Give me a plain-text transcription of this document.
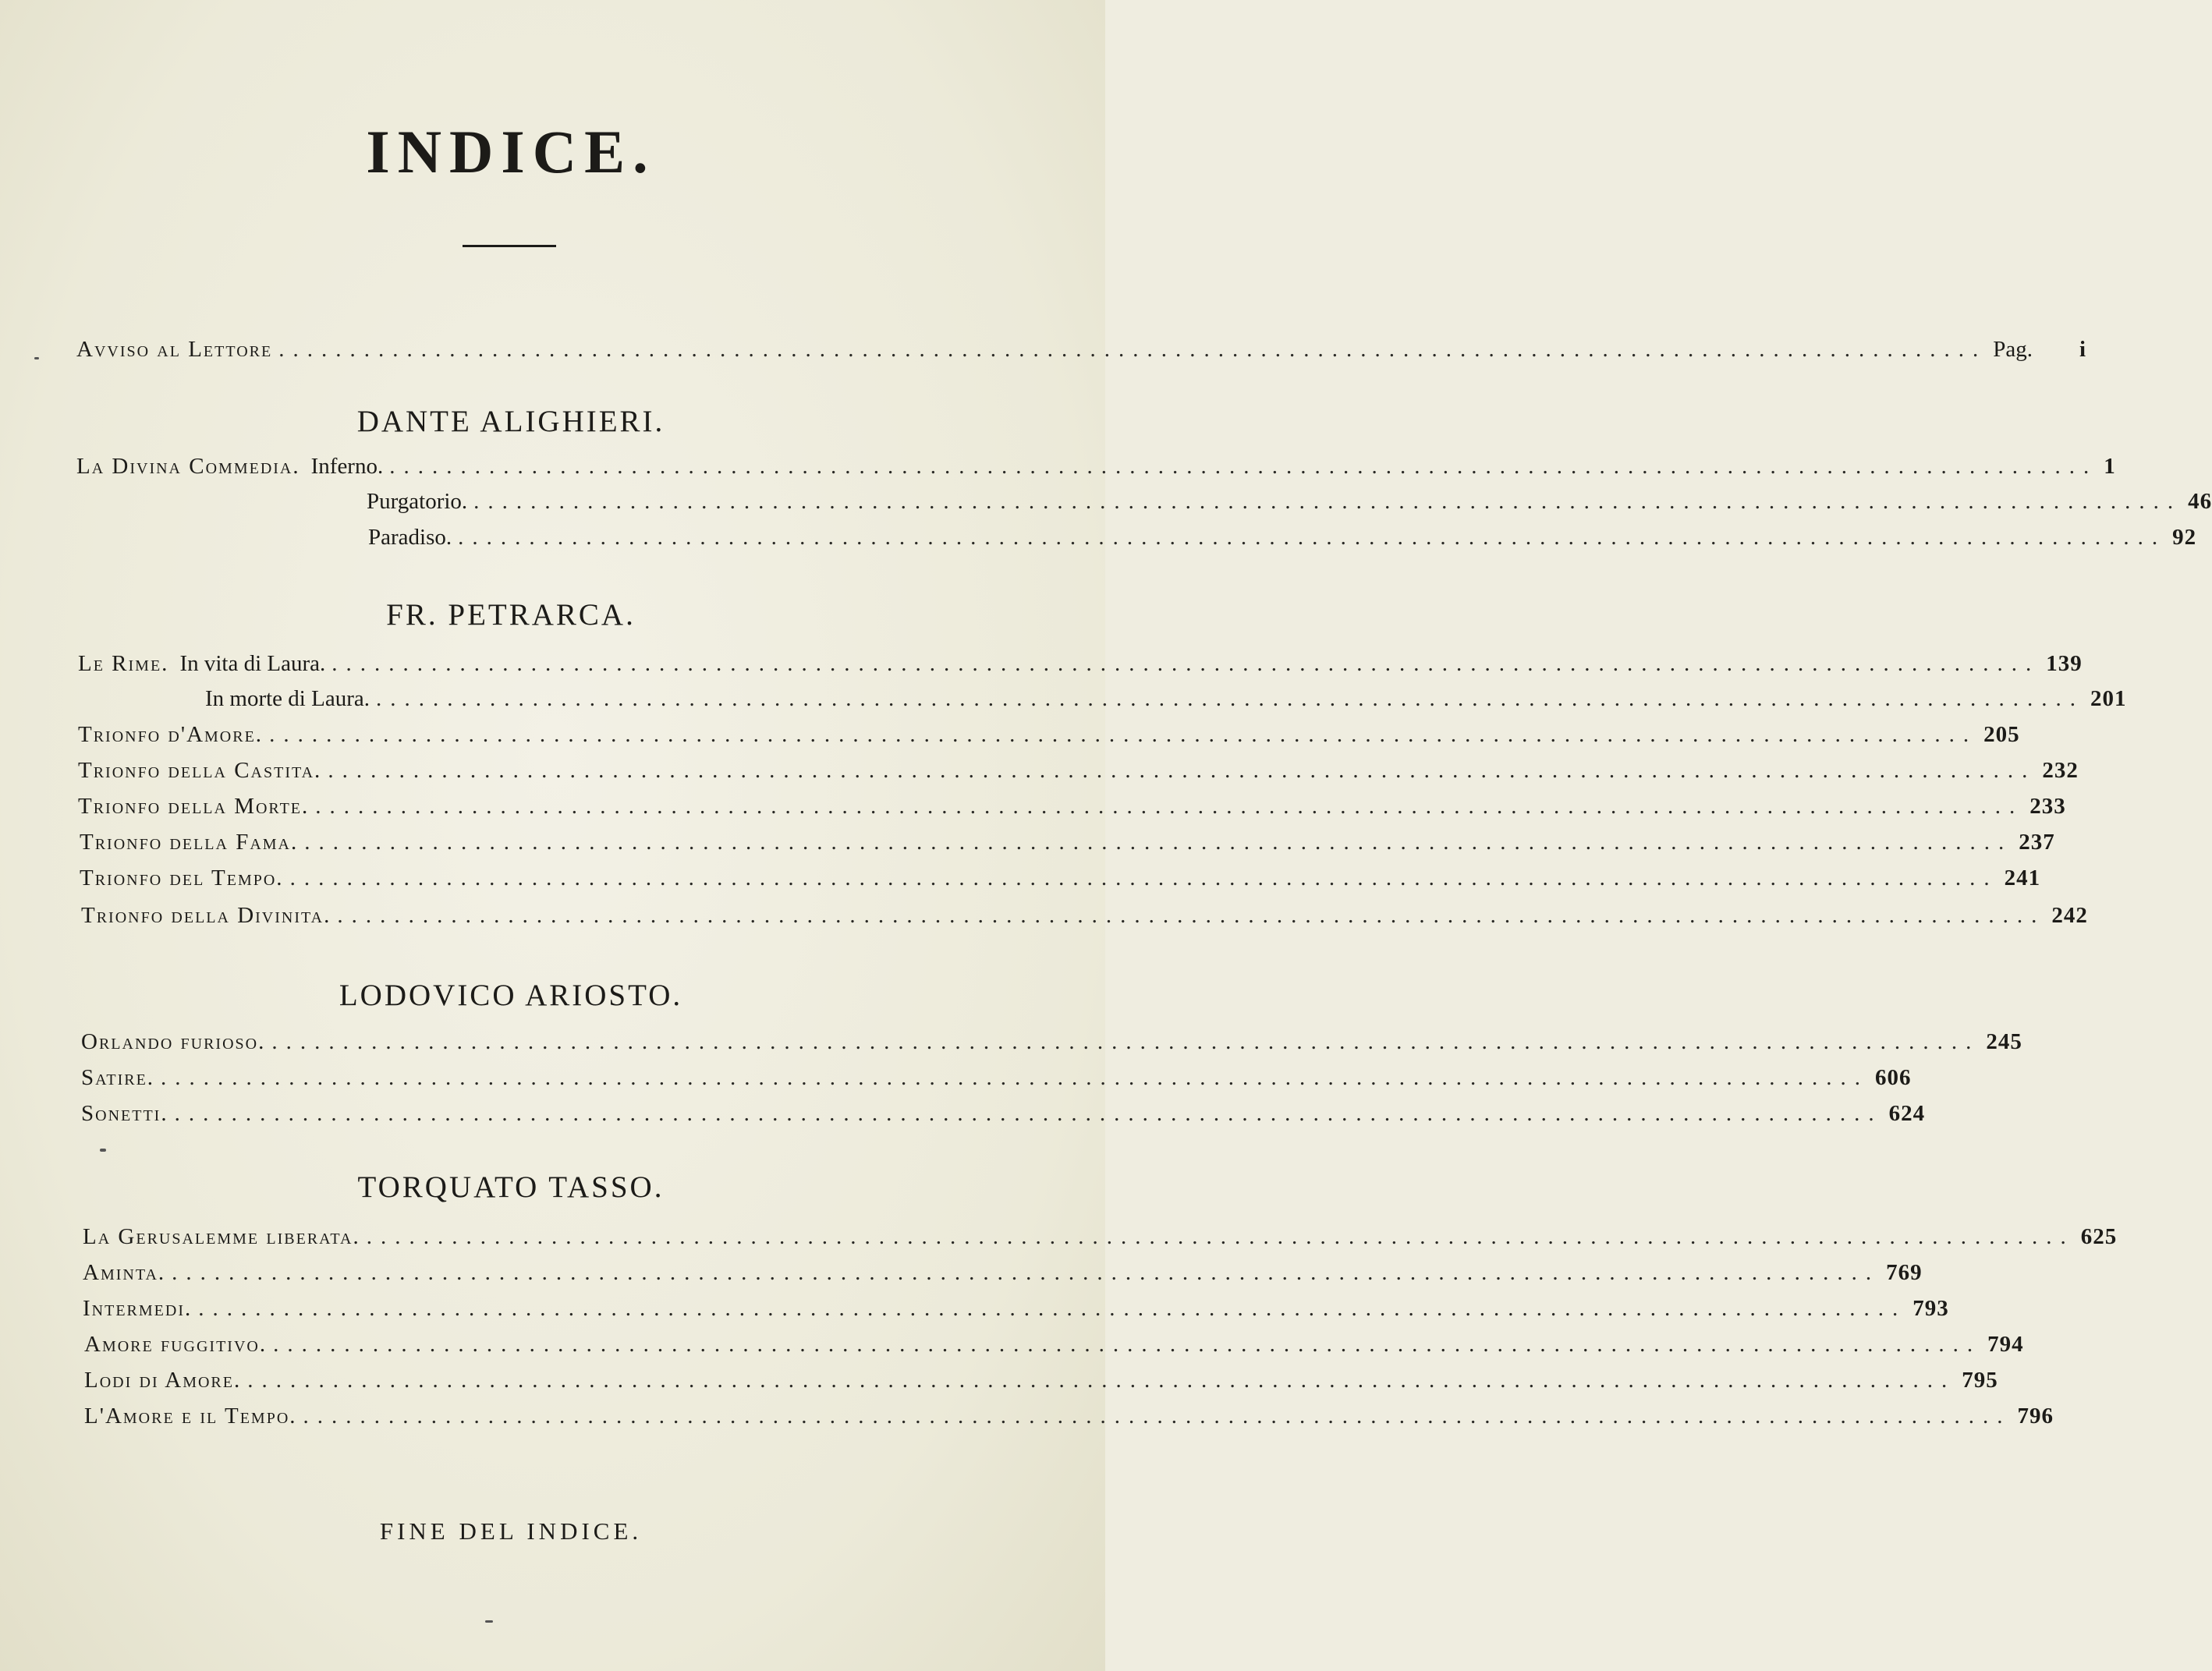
INDICE.
Avviso al Lettore ........................................................................................................................ Pag. i
DANTE ALIGHIERI.
La Divina Commedia. Inferno. ........................................................................................................................ 1
Purgatorio. ........................................................................................................................ 46
Paradiso. ........................................................................................................................ 92
FR. PETRARCA.
Le Rime. In vita di Laura. ........................................................................................................................ 139
In morte di Laura. ........................................................................................................................ 201
Trionfo d'Amore. ........................................................................................................................ 205
Trionfo della Castita. ........................................................................................................................ 232
Trionfo della Morte. ........................................................................................................................ 233
Trionfo della Fama. ........................................................................................................................ 237
Trionfo del Tempo. ........................................................................................................................ 241
Trionfo della Divinita. ........................................................................................................................ 242
LODOVICO ARIOSTO.
Orlando furioso. ........................................................................................................................ 245
Satire. ........................................................................................................................ 606
Sonetti. ........................................................................................................................ 624
TORQUATO TASSO.
La Gerusalemme liberata. ........................................................................................................................ 625
Aminta. ........................................................................................................................ 769
Intermedi. ........................................................................................................................ 793
Amore fuggitivo. ........................................................................................................................ 794
Lodi di Amore. ........................................................................................................................ 795
L'Amore e il Tempo. ........................................................................................................................ 796
FINE DEL INDICE.
